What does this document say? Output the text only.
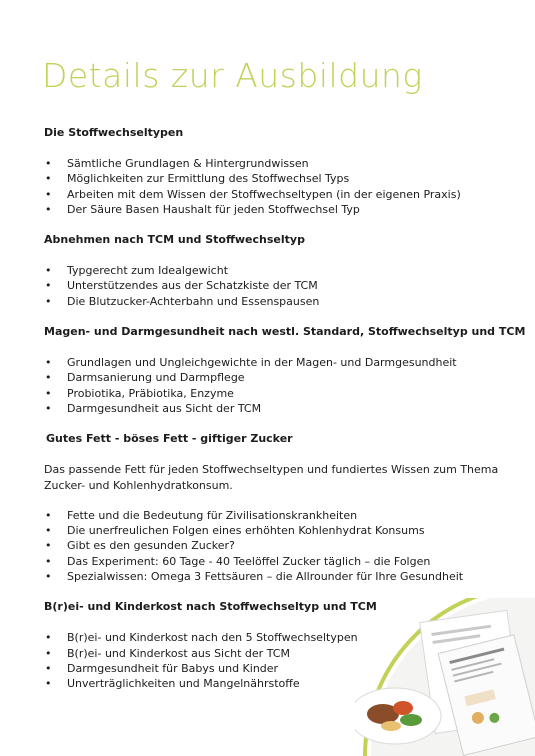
Details zur Ausbildung
Die Stoffwechseltypen
• Sämtliche Grundlagen & Hintergrundwissen
• Möglichkeiten zur Ermittlung des Stoffwechsel Typs
• Arbeiten mit dem Wissen der Stoffwechseltypen (in der eigenen Praxis)
• Der Säure Basen Haushalt für jeden Stoffwechsel Typ
Abnehmen nach TCM und Stoffwechseltyp
• Typgerecht zum Idealgewicht
• Unterstützendes aus der Schatzkiste der TCM
• Die Blutzucker-Achterbahn und Essenspausen
Magen- und Darmgesundheit nach westl. Standard, Stoffwechseltyp und TCM
• Grundlagen und Ungleichgewichte in der Magen- und Darmgesundheit
• Darmsanierung und Darmpflege
• Probiotika, Präbiotika, Enzyme
• Darmgesundheit aus Sicht der TCM
Gutes Fett - böses Fett - giftiger Zucker

Das passende Fett für jeden Stoffwechseltypen und fundiertes Wissen zum Thema Zucker- und Kohlenhydratkonsum.

• Fette und die Bedeutung für Zivilisationskrankheiten
• Die unerfreulichen Folgen eines erhöhten Kohlenhydrat Konsums
• Gibt es den gesunden Zucker?
• Das Experiment: 60 Tage - 40 Teelöffel Zucker täglich – die Folgen
• Spezialwissen: Omega 3 Fettsäuren – die Allrounder für Ihre Gesundheit
B(r)ei- und Kinderkost nach Stoffwechseltyp und TCM
• B(r)ei- und Kinderkost nach den 5 Stoffwechseltypen
• B(r)ei- und Kinderkost aus Sicht der TCM
• Darmgesundheit für Babys und Kinder
• Unverträglichkeiten und Mangelnährstoffe
